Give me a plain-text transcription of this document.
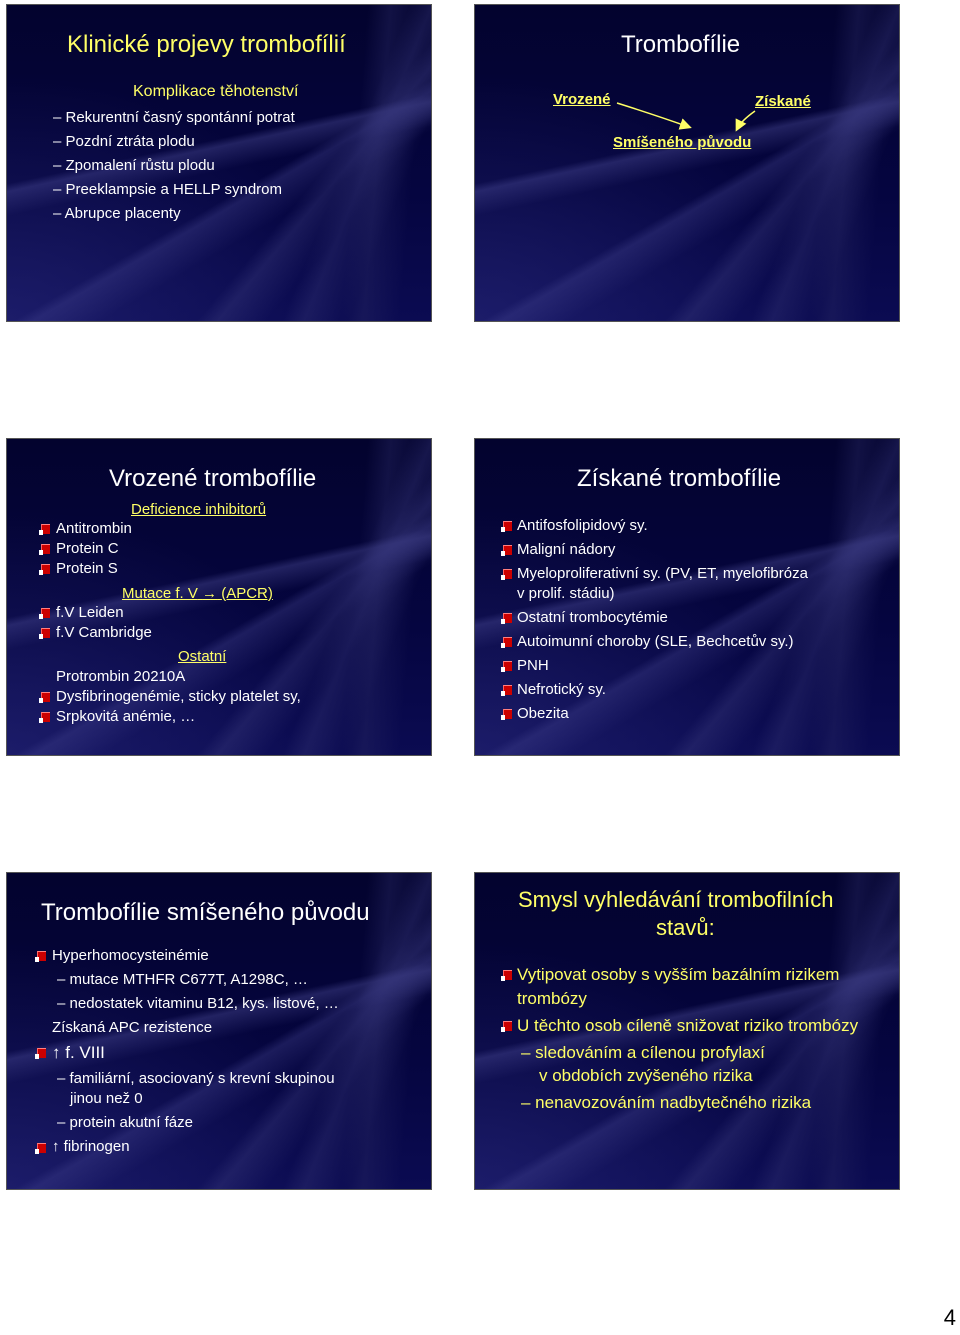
Klinické projevy trombofílií
Komplikace těhotenství
– Rekurentní časný spontánní potrat
– Pozdní ztráta plodu
– Zpomalení růstu plodu
– Preeklampsie a HELLP syndrom
– Abrupce placenty
Trombofílie
Vrozené	Získané
Smíšeného původu
Vrozené trombofílie
Deficience inhibitorů
Antitrombin
Protein C
Protein S
Mutace f. V → (APCR)
f.V Leiden
f.V Cambridge
Ostatní
Protrombin 20210A
Dysfibrinogenémie, sticky platelet sy,
Srpkovitá anémie, …
Získané trombofílie
Antifosfolipidový sy.
Maligní nádory
Myeloproliferativní sy. (PV, ET, myelofibróza
v prolif. stádiu)
Ostatní trombocytémie
Autoimunní choroby (SLE, Bechcetův sy.)
PNH
Nefrotický sy.
Obezita
Trombofílie smíšeného původu
Hyperhomocysteinémie
– mutace MTHFR C677T, A1298C, …
– nedostatek vitaminu B12, kys. listové, …
Získaná APC rezistence
↑ f. VIII
– familiární, asociovaný s krevní skupinou
jinou než 0
– protein akutní fáze
↑ fibrinogen
Smysl vyhledávání trombofilních
stavů:
Vytipovat osoby s vyšším bazálním rizikem
trombózy
U těchto osob cíleně snižovat riziko trombózy
– sledováním a cílenou profylaxí
v obdobích zvýšeného rizika
– nenavozováním nadbytečného rizika
4
